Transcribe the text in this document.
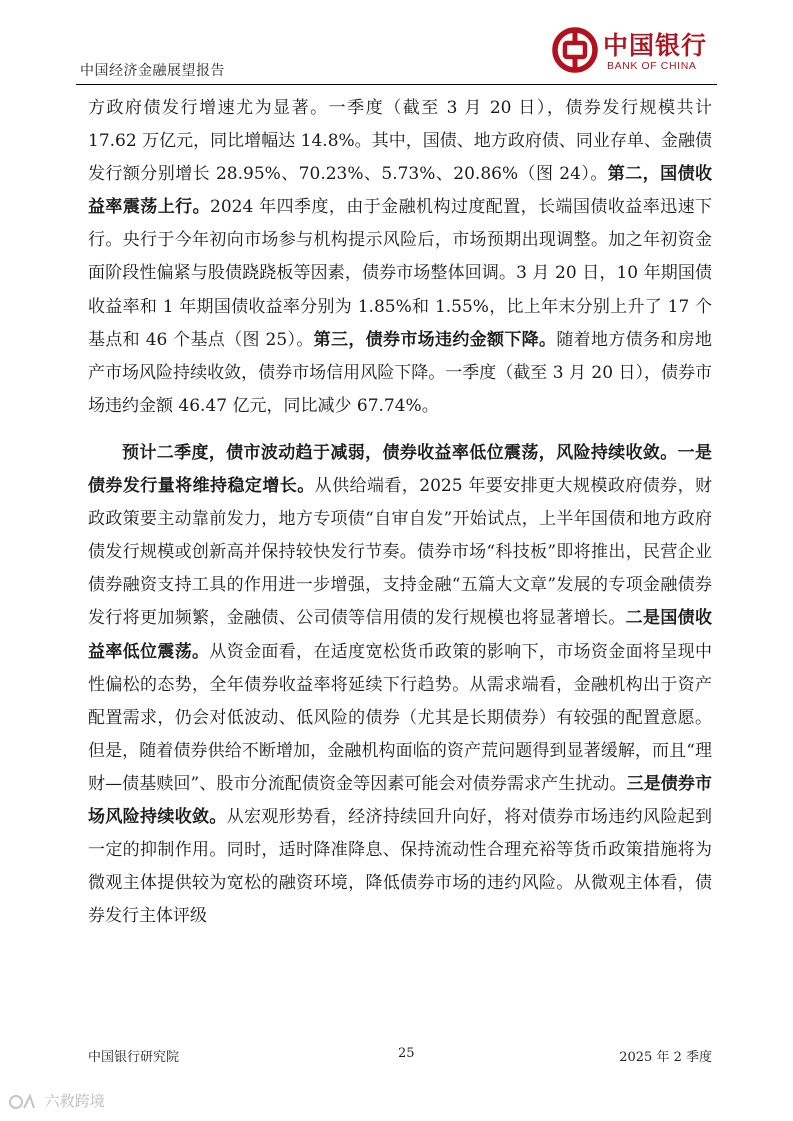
中国经济金融展望报告
中国银行
BANK OF CHINA

方政府债发行增速尤为显著。一季度（截至 3 月 20 日），债券发行规模共计 17.62 万亿元，同比增幅达 14.8%。其中，国债、地方政府债、同业存单、金融债发行额分别增长 28.95%、70.23%、5.73%、20.86%（图 24）。第二，国债收益率震荡上行。2024 年四季度，由于金融机构过度配置，长端国债收益率迅速下行。央行于今年初向市场参与机构提示风险后，市场预期出现调整。加之年初资金面阶段性偏紧与股债跷跷板等因素，债券市场整体回调。3 月 20 日，10 年期国债收益率和 1 年期国债收益率分别为 1.85%和 1.55%，比上年末分别上升了 17 个基点和 46 个基点（图 25）。第三，债券市场违约金额下降。随着地方债务和房地产市场风险持续收敛，债券市场信用风险下降。一季度（截至 3 月 20 日），债券市场违约金额 46.47 亿元，同比减少 67.74%。

预计二季度，债市波动趋于减弱，债券收益率低位震荡，风险持续收敛。一是债券发行量将维持稳定增长。从供给端看，2025 年要安排更大规模政府债券，财政政策要主动靠前发力，地方专项债“自审自发”开始试点，上半年国债和地方政府债发行规模或创新高并保持较快发行节奏。债券市场“科技板”即将推出，民营企业债券融资支持工具的作用进一步增强，支持金融“五篇大文章”发展的专项金融债券发行将更加频繁，金融债、公司债等信用债的发行规模也将显著增长。二是国债收益率低位震荡。从资金面看，在适度宽松货币政策的影响下，市场资金面将呈现中性偏松的态势，全年债券收益率将延续下行趋势。从需求端看，金融机构出于资产配置需求，仍会对低波动、低风险的债券（尤其是长期债券）有较强的配置意愿。但是，随着债券供给不断增加，金融机构面临的资产荒问题得到显著缓解，而且“理财—债基赎回”、股市分流配债资金等因素可能会对债券需求产生扰动。三是债券市场风险持续收敛。从宏观形势看，经济持续回升向好，将对债券市场违约风险起到一定的抑制作用。同时，适时降准降息、保持流动性合理充裕等货币政策措施将为微观主体提供较为宽松的融资环境，降低债券市场的违约风险。从微观主体看，债券发行主体评级

中国银行研究院	25	2025 年 2 季度
六救跨境
